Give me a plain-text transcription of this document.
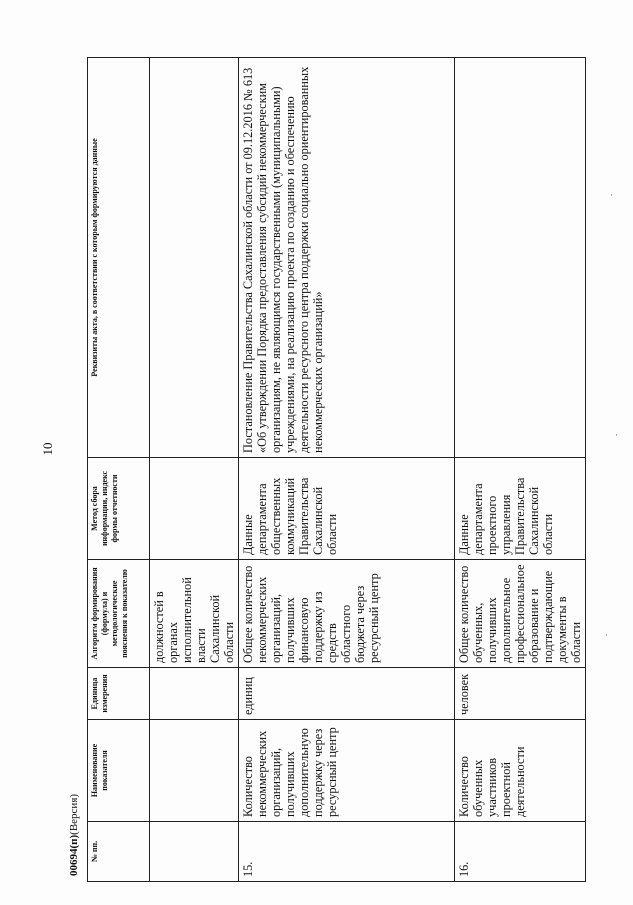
10
№ пп.	Наименование показателя	Единица измерения	Алгоритм формирования (формула) и методологические пояснения к показателю	Метод сбора информации, индекс формы отчетности	Реквизиты акта, в соответствии с которым формируются данные
			должностей в органах исполнительной власти Сахалинской области		
15.	Количество некоммерческих организаций, получивших дополнительную поддержку через ресурсный центр	единиц	Общее количество некоммерческих организаций, получивших финансовую поддержку из средств областного бюджета через ресурсный центр	Данные департамента общественных коммуникаций Правительства Сахалинской области	Постановление Правительства Сахалинской области от 09.12.2016 № 613 «Об утверждении Порядка предоставления субсидий некоммерческим организациям, не являющимся государственными (муниципальными) учреждениями, на реализацию проекта по созданию и обеспечению деятельности ресурсного центра поддержки социально ориентированных некоммерческих организаций»
16.	Количество обученных участников проектной деятельности	человек	Общее количество обученных, получивших дополнительное профессиональное образование и подтверждающие документы в области	Данные департамента проектного управления Правительства Сахалинской области	
00694(п)(Версия)
·
·
·
